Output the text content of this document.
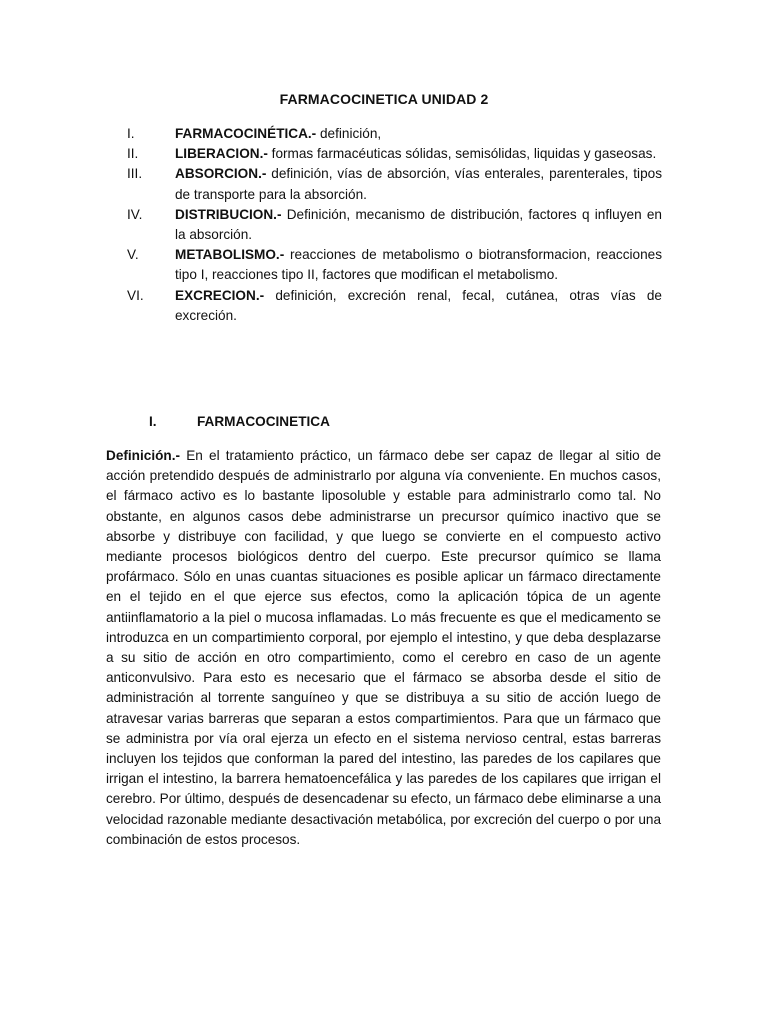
FARMACOCINETICA UNIDAD 2
I.	FARMACOCINÉTICA.- definición,
II.	LIBERACION.- formas farmacéuticas sólidas, semisólidas, liquidas y gaseosas.
III. ABSORCION.- definición, vías de absorción, vías enterales, parenterales, tipos de transporte para la absorción.
IV. DISTRIBUCION.- Definición, mecanismo de distribución, factores q influyen en la absorción.
V.	METABOLISMO.- reacciones de metabolismo o biotransformacion, reacciones tipo I, reacciones tipo II, factores que modifican el metabolismo.
VI. EXCRECION.- definición, excreción renal, fecal, cutánea, otras vías de excreción.
I.	FARMACOCINETICA

Definición.- En el tratamiento práctico, un fármaco debe ser capaz de llegar al sitio de acción pretendido después de administrarlo por alguna vía conveniente. En muchos casos, el fármaco activo es lo bastante liposoluble y estable para administrarlo como tal. No obstante, en algunos casos debe administrarse un precursor químico inactivo que se absorbe y distribuye con facilidad, y que luego se convierte en el compuesto activo mediante procesos biológicos dentro del cuerpo. Este precursor químico se llama profármaco. Sólo en unas cuantas situaciones es posible aplicar un fármaco directamente en el tejido en el que ejerce sus efectos, como la aplicación tópica de un agente antiinflamatorio a la piel o mucosa inflamadas. Lo más frecuente es que el medicamento se introduzca en un compartimiento corporal, por ejemplo el intestino, y que deba desplazarse a su sitio de acción en otro compartimiento, como el cerebro en caso de un agente anticonvulsivo. Para esto es necesario que el fármaco se absorba desde el sitio de administración al torrente sanguíneo y que se distribuya a su sitio de acción luego de atravesar varias barreras que separan a estos compartimientos. Para que un fármaco que se administra por vía oral ejerza un efecto en el sistema nervioso central, estas barreras incluyen los tejidos que conforman la pared del intestino, las paredes de los capilares que irrigan el intestino, la barrera hematoencefálica y las paredes de los capilares que irrigan el cerebro. Por último, después de desencadenar su efecto, un fármaco debe eliminarse a una velocidad razonable mediante desactivación metabólica, por excreción del cuerpo o por una combinación de estos procesos.
